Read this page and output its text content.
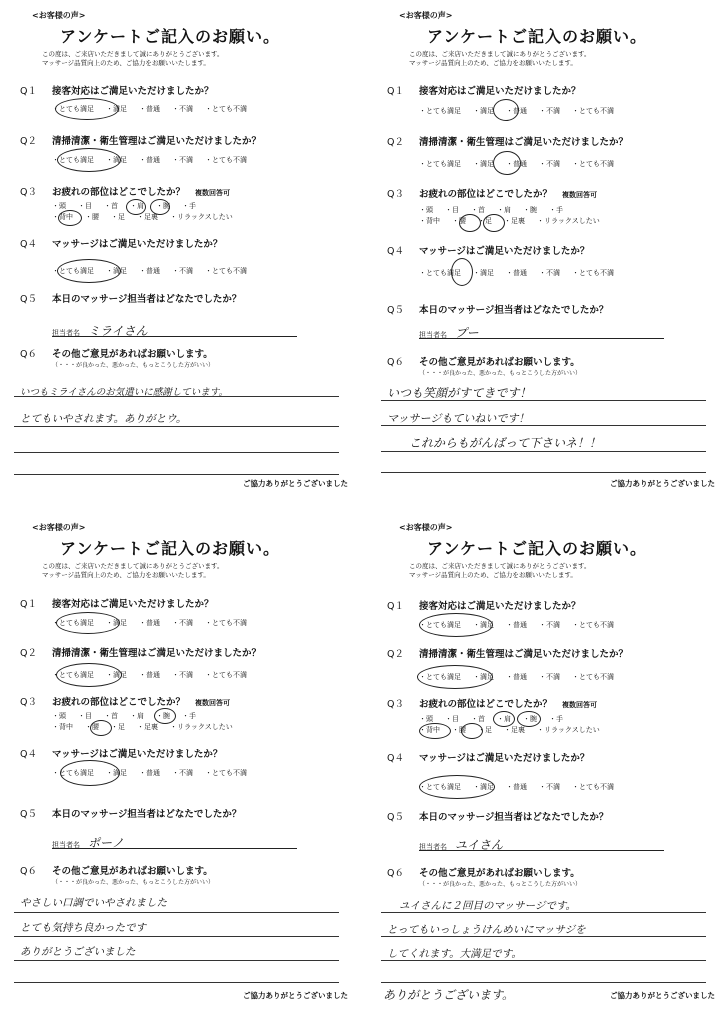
<お客様の声>
アンケートご記入のお願い。
この度は、ご来店いただきまして誠にありがとうございます。
マッサージ品質向上のため、ご協力をお願いいたします。
Q１ 接客対応はご満足いただけましたか？
・とても満足 ・満足 ・普通 ・不満 ・とても不満
Q２ 清掃清潔・衛生管理はご満足いただけましたか？
・とても満足 ・満足 ・普通 ・不満 ・とても不満
Q３ お疲れの部位はどこでしたか？ 複数回答可
・頭 ・目 ・首 ・肩 ・腕 ・手
・背中 ・腰 ・足 ・足裏 ・リラックスしたい
Q４ マッサージはご満足いただけましたか？
・とても満足 ・満足 ・普通 ・不満 ・とても不満
Q５ 本日のマッサージ担当者はどなたでしたか？
担当者名 ミライさん
Q６ その他ご意見があればお願いします。
（・・・が良かった、悪かった、もっとこうした方がいい）
いつもミライさんのお気遣いに感謝しています。
とてもいやされます。ありがとウ。
ご協力ありがとうございました
<お客様の声>
アンケートご記入のお願い。
この度は、ご来店いただきまして誠にありがとうございます。
マッサージ品質向上のため、ご協力をお願いいたします。
Q１ 接客対応はご満足いただけましたか？
・とても満足 ・満足 ・普通 ・不満 ・とても不満
Q２ 清掃清潔・衛生管理はご満足いただけましたか？
・とても満足 ・満足 ・普通 ・不満 ・とても不満
Q３ お疲れの部位はどこでしたか？ 複数回答可
・頭 ・目 ・首 ・肩 ・腕 ・手
・背中 ・腰 ・足 ・足裏 ・リラックスしたい
Q４ マッサージはご満足いただけましたか？
・とても満足 ・満足 ・普通 ・不満 ・とても不満
Q５ 本日のマッサージ担当者はどなたでしたか？
担当者名 プー
Q６ その他ご意見があればお願いします。
（・・・が良かった、悪かった、もっとこうした方がいい）
いつも笑顔がすてきです！
マッサージもていねいです！
これからもがんばって下さいネ！！
ご協力ありがとうございました
<お客様の声>
アンケートご記入のお願い。
この度は、ご来店いただきまして誠にありがとうございます。
マッサージ品質向上のため、ご協力をお願いいたします。
Q１ 接客対応はご満足いただけましたか？
・とても満足 ・満足 ・普通 ・不満 ・とても不満
Q２ 清掃清潔・衛生管理はご満足いただけましたか？
・とても満足 ・満足 ・普通 ・不満 ・とても不満
Q３ お疲れの部位はどこでしたか？ 複数回答可
・頭 ・目 ・首 ・肩 ・腕 ・手
・背中 ・腰 ・足 ・足裏 ・リラックスしたい
Q４ マッサージはご満足いただけましたか？
・とても満足 ・満足 ・普通 ・不満 ・とても不満
Q５ 本日のマッサージ担当者はどなたでしたか？
担当者名 ポーノ
Q６ その他ご意見があればお願いします。
（・・・が良かった、悪かった、もっとこうした方がいい）
やさしい口調でいやされました
とても気持ち良かったです
ありがとうございました
ご協力ありがとうございました
<お客様の声>
アンケートご記入のお願い。
この度は、ご来店いただきまして誠にありがとうございます。
マッサージ品質向上のため、ご協力をお願いいたします。
Q１ 接客対応はご満足いただけましたか？
・とても満足 ・満足 ・普通 ・不満 ・とても不満
Q２ 清掃清潔・衛生管理はご満足いただけましたか？
・とても満足 ・満足 ・普通 ・不満 ・とても不満
Q３ お疲れの部位はどこでしたか？ 複数回答可
・頭 ・目 ・首 ・肩 ・腕 ・手
・背中 ・腰 ・足 ・足裏 ・リラックスしたい
Q４ マッサージはご満足いただけましたか？
・とても満足 ・満足 ・普通 ・不満 ・とても不満
Q５ 本日のマッサージ担当者はどなたでしたか？
担当者名 ユイさん
Q６ その他ご意見があればお願いします。
（・・・が良かった、悪かった、もっとこうした方がいい）
ユイさんに２回目のマッサージです。
とってもいっしょうけんめいにマッサジを
してくれます。大満足です。
ありがとうございます。	ご協力ありがとうございました
